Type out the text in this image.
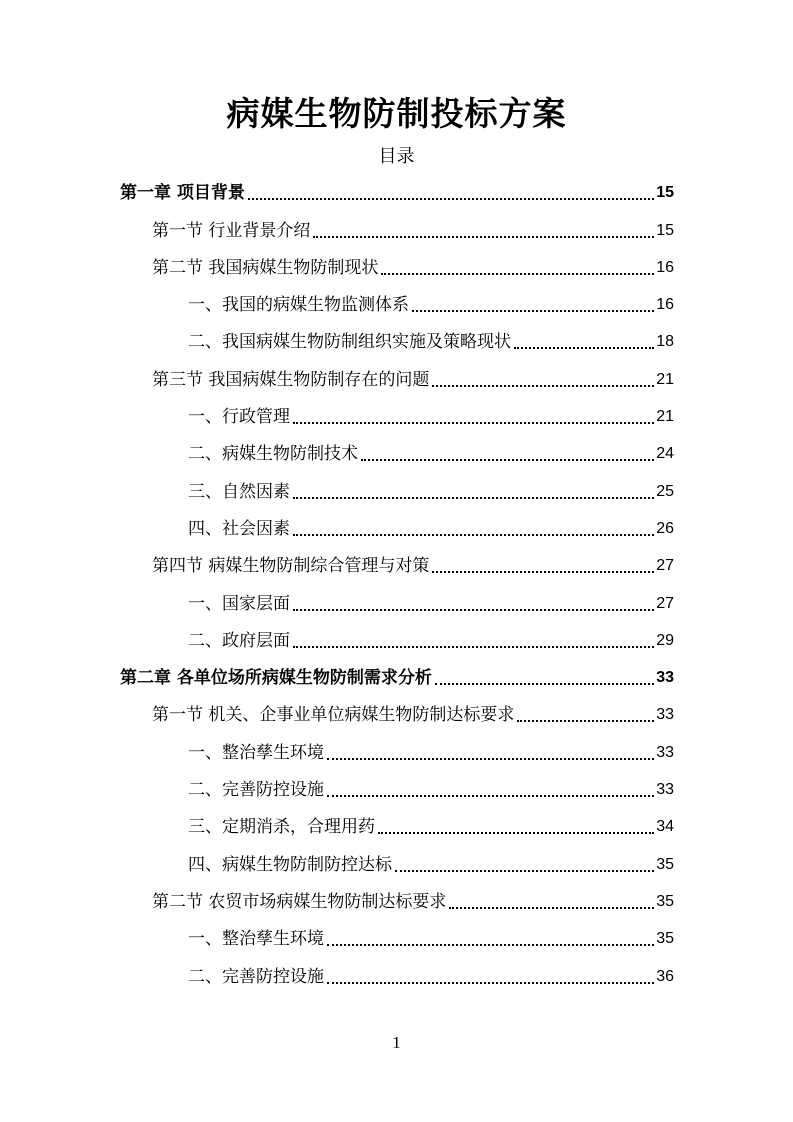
病媒生物防制投标方案
目录
第一章 项目背景	15
第一节 行业背景介绍	15
第二节 我国病媒生物防制现状	16
一、我国的病媒生物监测体系	16
二、我国病媒生物防制组织实施及策略现状	18
第三节 我国病媒生物防制存在的问题	21
一、行政管理	21
二、病媒生物防制技术	24
三、自然因素	25
四、社会因素	26
第四节 病媒生物防制综合管理与对策	27
一、国家层面	27
二、政府层面	29
第二章 各单位场所病媒生物防制需求分析	33
第一节 机关、企事业单位病媒生物防制达标要求	33
一、整治孳生环境	33
二、完善防控设施	33
三、定期消杀，合理用药	34
四、病媒生物防制防控达标	35
第二节 农贸市场病媒生物防制达标要求	35
一、整治孳生环境	35
二、完善防控设施	36
1
